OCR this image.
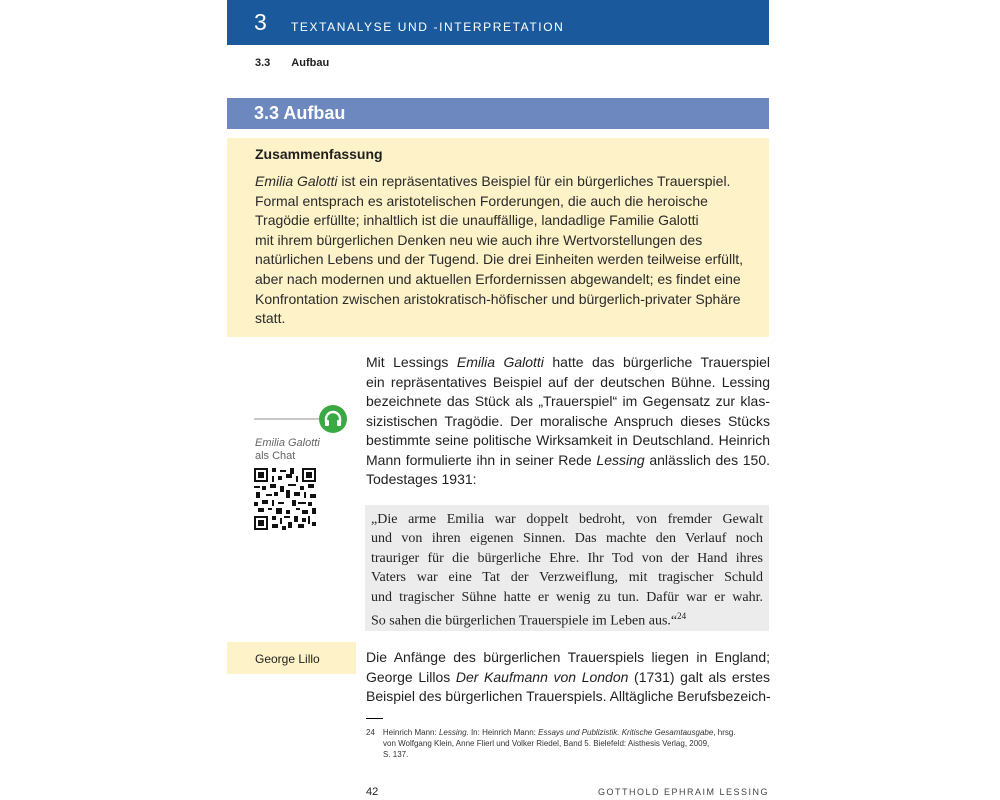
3 TEXTANALYSE UND -INTERPRETATION
3.3 Aufbau
3.3 Aufbau
Zusammenfassung
Emilia Galotti ist ein repräsentatives Beispiel für ein bürgerliches Trauerspiel.
Formal entsprach es aristotelischen Forderungen, die auch die heroische
Tragödie erfüllte; inhaltlich ist die unauffällige, landadlige Familie Galotti
mit ihrem bürgerlichen Denken neu wie auch ihre Wertvorstellungen des
natürlichen Lebens und der Tugend. Die drei Einheiten werden teilweise erfüllt,
aber nach modernen und aktuellen Erfordernissen abgewandelt; es findet eine
Konfrontation zwischen aristokratisch-höfischer und bürgerlich-privater Sphäre
statt.
Emilia Galotti
als Chat
Mit Lessings Emilia Galotti hatte das bürgerliche Trauerspiel
ein repräsentatives Beispiel auf der deutschen Bühne. Lessing
bezeichnete das Stück als „Trauerspiel“ im Gegensatz zur klas-
sizistischen Tragödie. Der moralische Anspruch dieses Stücks
bestimmte seine politische Wirksamkeit in Deutschland. Heinrich
Mann formulierte ihn in seiner Rede Lessing anlässlich des 150.
Todestages 1931:
„Die arme Emilia war doppelt bedroht, von fremder Gewalt
und von ihren eigenen Sinnen. Das machte den Verlauf noch
trauriger für die bürgerliche Ehre. Ihr Tod von der Hand ihres
Vaters war eine Tat der Verzweiflung, mit tragischer Schuld
und tragischer Sühne hatte er wenig zu tun. Dafür war er wahr.
So sahen die bürgerlichen Trauerspiele im Leben aus.“$^{24}$
George Lillo	Die Anfänge des bürgerlichen Trauerspiels liegen in England;
George Lillos Der Kaufmann von London (1731) galt als erstes
Beispiel des bürgerlichen Trauerspiels. Alltägliche Berufsbezeich-
24 Heinrich Mann: Lessing. In: Heinrich Mann: Essays und Publizistik. Kritische Gesamtausgabe, hrsg.
von Wolfgang Klein, Anne Flierl und Volker Riedel, Band 5. Bielefeld: Aisthesis Verlag, 2009,
S. 137.
42	GOTTHOLD EPHRAIM LESSING
